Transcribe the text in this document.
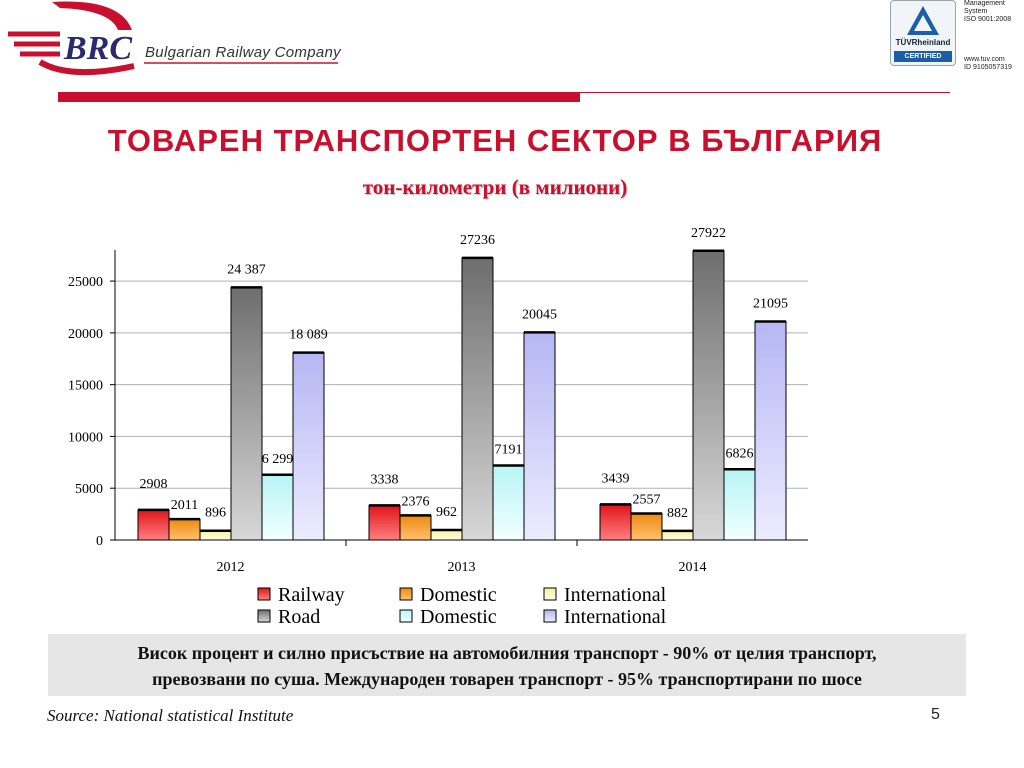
BRC Bulgarian Railway Company
TÜVRheinland
CERTIFIED
Management
System
ISO 9001:2008
www.tuv.com
ID 9105057319
ТОВАРЕН ТРАНСПОРТЕН СЕКТОР В БЪЛГАРИЯ
тон-километри (в милиони)
2908
2011
896
24 387
6 299
18 089
3338
2376
962
27236
7191
20045
3439
2557
882
27922
6826
21095
0
5000
10000
15000
20000
25000
2012	2013	2014
Railway	Domestic	International
Road	Domestic	International
Висок процент и силно присъствие на автомобилния транспорт - 90% от целия транспорт,
превозвани по суша. Международен товарен транспорт - 95% транспортирани по шосе
Source: National statistical Institute	5
